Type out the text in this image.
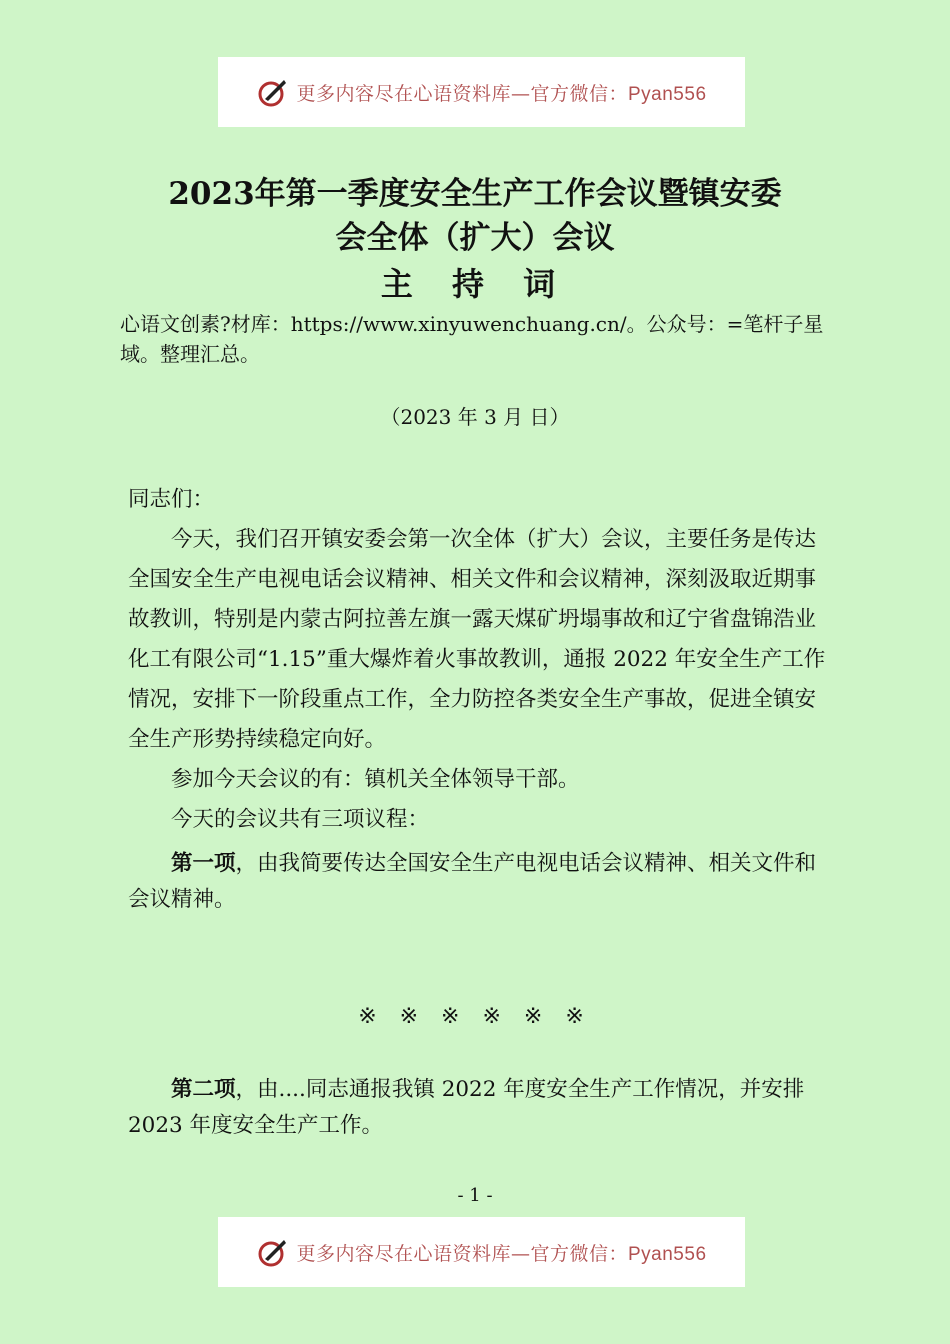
更多内容尽在心语资料库—官方微信：Pyan556
2023年第一季度安全生产工作会议暨镇安委
会全体（扩大）会议
主 持 词
心语文创素?材库：https://www.xinyuwenchuang.cn/。公众号：=笔杆子星域。整理汇总。
（2023 年 3 月 日）

同志们：

今天，我们召开镇安委会第一次全体（扩大）会议，主要任务是传达全国安全生产电视电话会议精神、相关文件和会议精神，深刻汲取近期事故教训，特别是内蒙古阿拉善左旗一露天煤矿坍塌事故和辽宁省盘锦浩业化工有限公司“1.15”重大爆炸着火事故教训，通报 2022 年安全生产工作情况，安排下一阶段重点工作，全力防控各类安全生产事故，促进全镇安全生产形势持续稳定向好。

参加今天会议的有：镇机关全体领导干部。

今天的会议共有三项议程：

第一项，由我简要传达全国安全生产电视电话会议精神、相关文件和会议精神。

※ ※ ※ ※ ※ ※

第二项，由....同志通报我镇 2022 年度安全生产工作情况，并安排 2023 年度安全生产工作。

- 1 -
更多内容尽在心语资料库—官方微信：Pyan556
